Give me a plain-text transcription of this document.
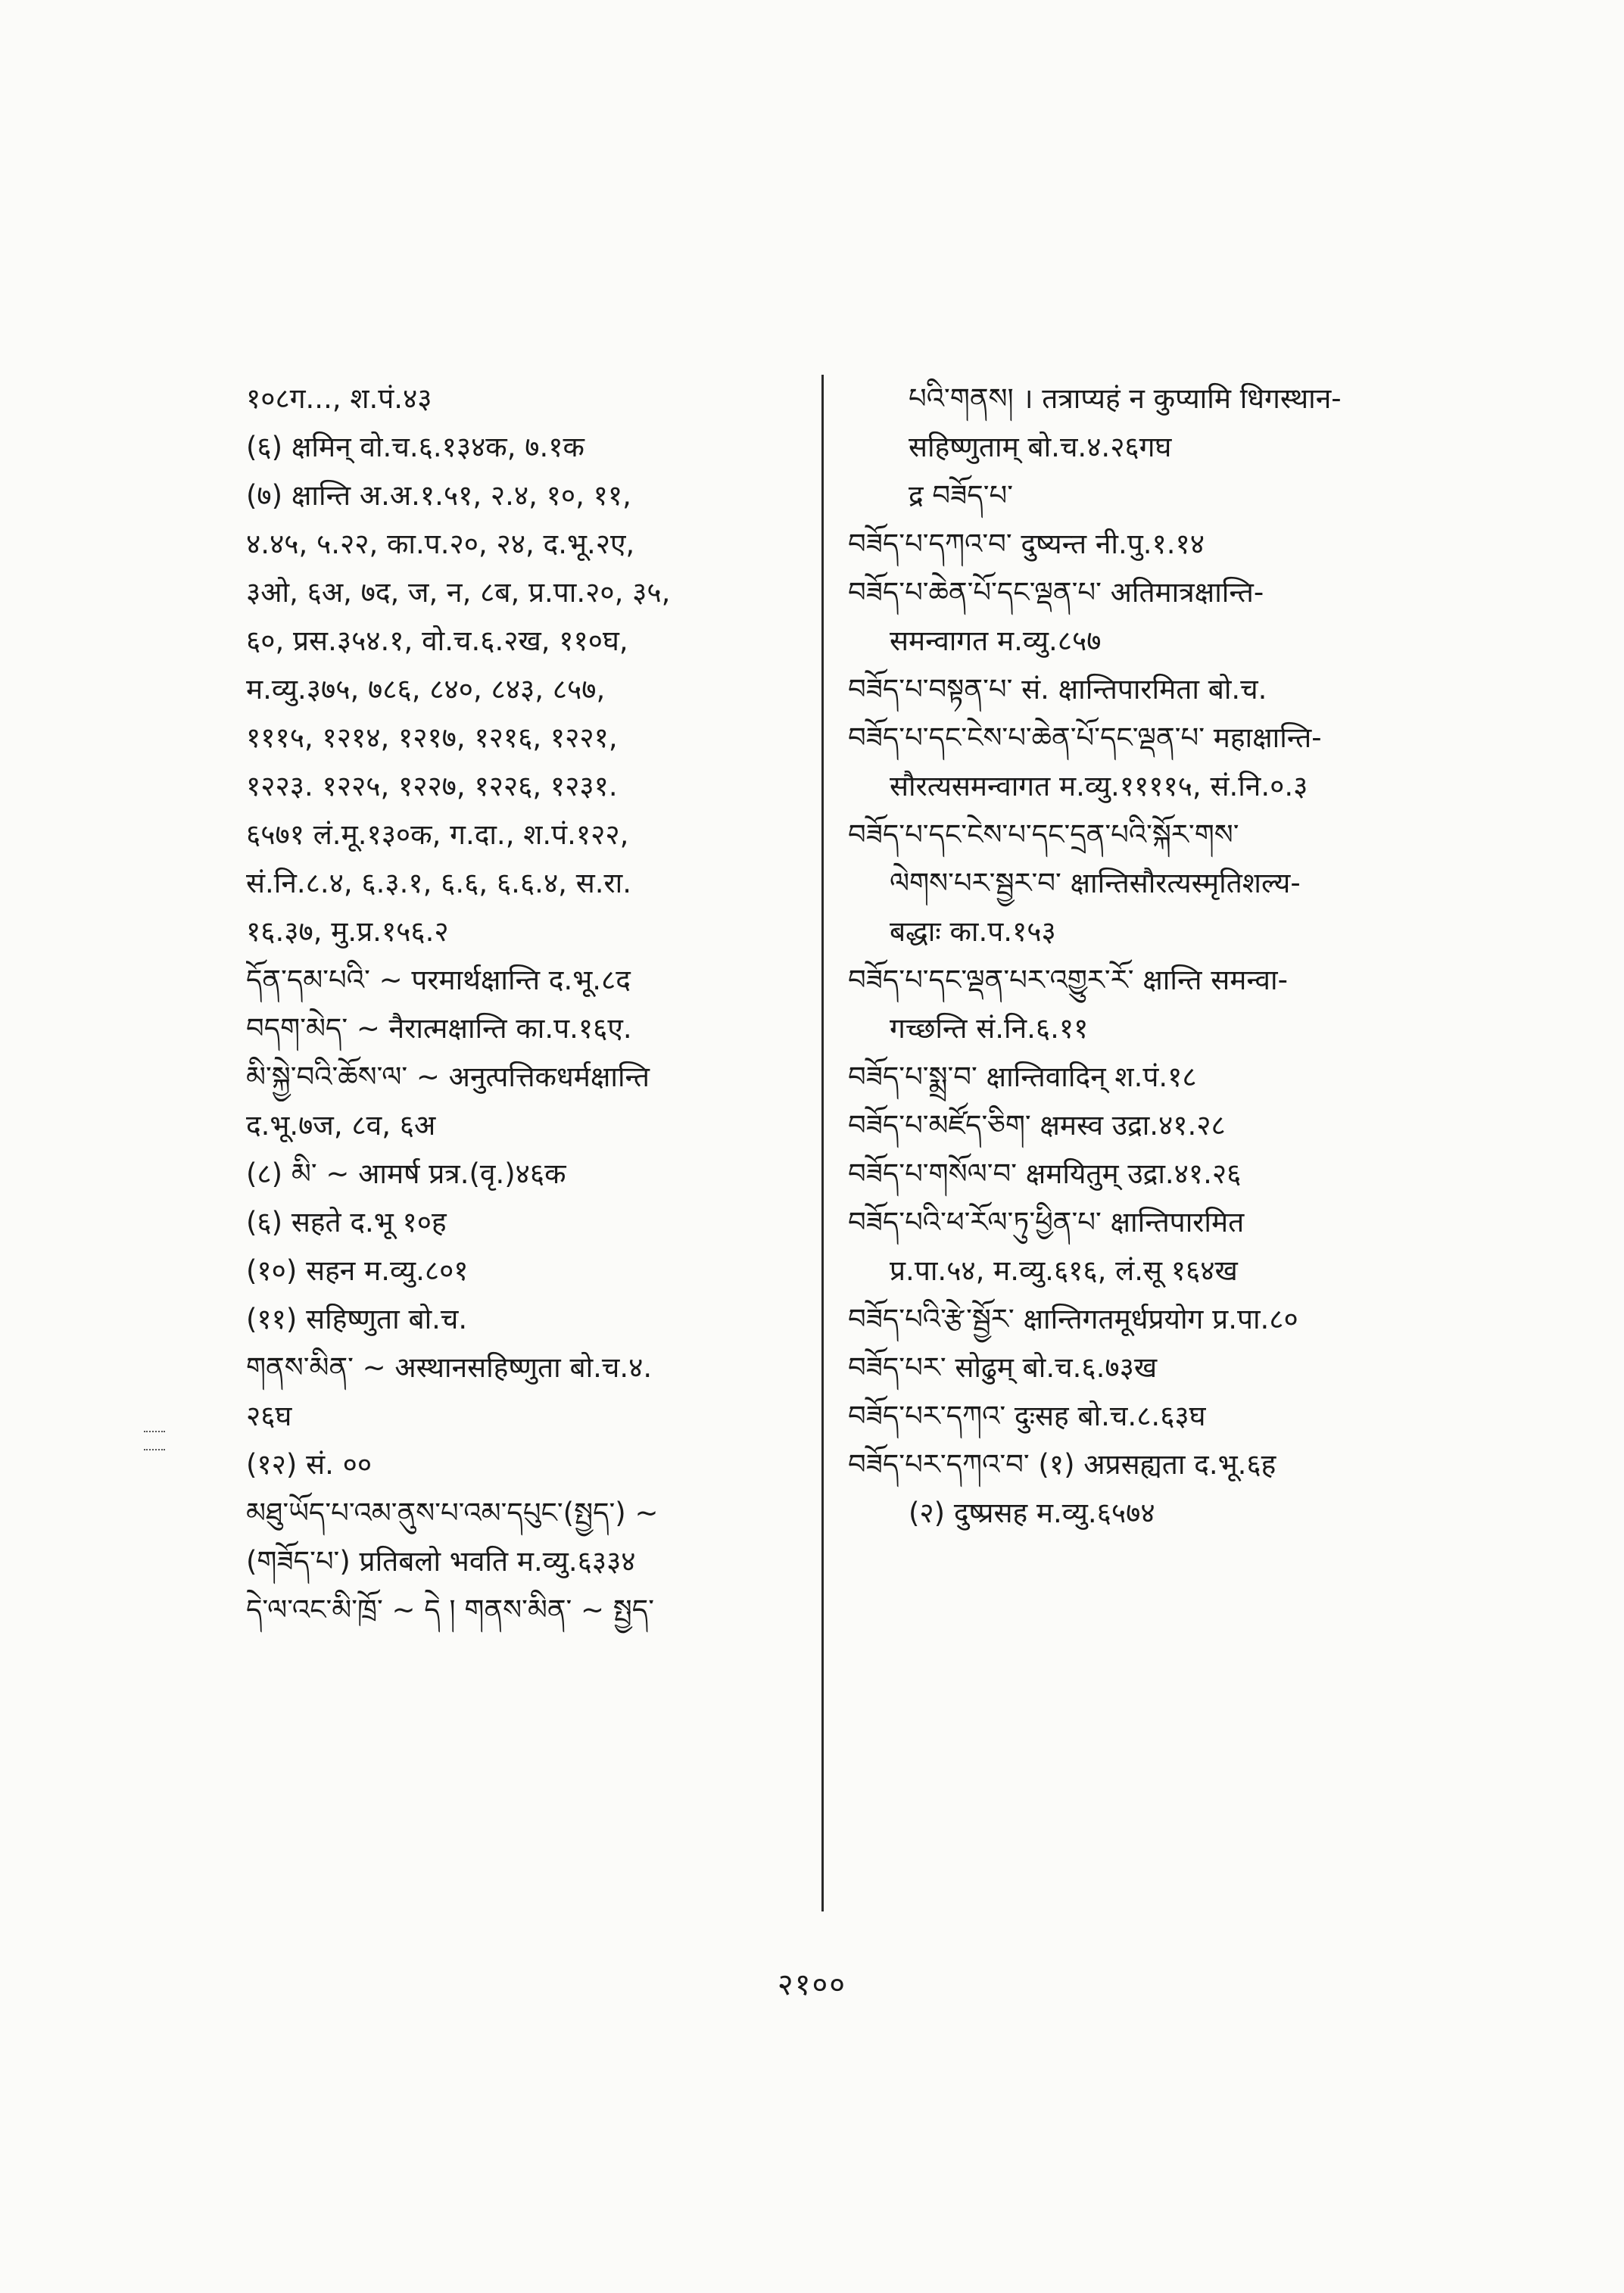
१०८ग..., श.पं.४३
(६) क्षमिन् वो.च.६.१३४क, ७.१क
(७) क्षान्ति अ.अ.१.५१, २.४, १०, ११,
४.४५, ५.२२, का.प.२०, २४, द.भू.२ए,
३ओ, ६अ, ७द, ज, न, ८ब, प्र.पा.२०, ३५,
६०, प्रस.३५४.१, वो.च.६.२ख, ११०घ,
म.व्यु.३७५, ७८६, ८४०, ८४३, ८५७,
१११५, १२१४, १२१७, १२१६, १२२१,
१२२३. १२२५, १२२७, १२२६, १२३१.
६५७१ लं.मू.१३०क, ग.दा., श.पं.१२२,
सं.नि.८.४, ६.३.१, ६.६, ६.६.४, स.रा.
१६.३७, मु.प्र.१५६.२
དོན་དམ་པའི་ ~ परमार्थक्षान्ति द.भू.८द
བདག་མེད་ ~ नैरात्मक्षान्ति का.प.१६ए.
མི་སྐྱེ་བའི་ཆོས་ལ་ ~ अनुत्पत्तिकधर्मक्षान्ति
द.भू.७ज, ८व, ६अ
(८) མི་ ~ आमर्ष प्रत्र.(वृ.)४६क
(६) सहते द.भू १०ह
(१०) सहन म.व्यु.८०१
(११) सहिष्णुता बो.च.
གནས་མིན་ ~ अस्थानसहिष्णुता बो.च.४.
२६घ
(१२) सं. ००
མཐུ་ཡོད་པ་འམ་ནུས་པ་འམ་དཔུང་(སྤྱད་) ~
(གཟོད་པ་) प्रतिबलो भवति म.व्यु.६३३४
དེ་ལ་འང་མི་ཁྲོ་ ~ དེ ། གནས་མིན་ ~ སྤྱད་
པའི་གནས། । तत्राप्यहं न कुप्यामि धिगस्थान-
सहिष्णुताम् बो.च.४.२६गघ
द्र བཟོད་པ་
བཟོད་པ་དཀའ་བ་ दुष्यन्त नी.पु.१.१४
བཟོད་པ་ཆེན་པོ་དང་ལྡན་པ་ अतिमात्रक्षान्ति-
समन्वागत म.व्यु.८५७
བཟོད་པ་བསྟན་པ་ सं. क्षान्तिपारमिता बो.च.
བཟོད་པ་དང་ངེས་པ་ཆེན་པོ་དང་ལྡན་པ་ महाक्षान्ति-
सौरत्यसमन्वागत म.व्यु.११११५, सं.नि.०.३
བཟོད་པ་དང་ངེས་པ་དང་དྲན་པའི་སྐོར་གས་
ལེགས་པར་སྦྱར་བ་ क्षान्तिसौरत्यस्मृतिशल्य-
बद्धाः का.प.१५३
བཟོད་པ་དང་ལྡན་པར་འགྱུར་རོ་ क्षान्ति समन्वा-
गच्छन्ति सं.नि.६.११
བཟོད་པ་སྨྲ་བ་ क्षान्तिवादिन् श.पं.१८
བཟོད་པ་མཛོད་ཅིག་ क्षमस्व उद्रा.४१.२८
བཟོད་པ་གསོལ་བ་ क्षमयितुम् उद्रा.४१.२६
བཟོད་པའི་ཕ་རོལ་ཏུ་ཕྱིན་པ་ क्षान्तिपारमित
प्र.पा.५४, म.व्यु.६१६, लं.सू १६४ख
བཟོད་པའི་རྩེ་སྦྱོར་ क्षान्तिगतमूर्धप्रयोग प्र.पा.८०
བཟོད་པར་ सोढुम् बो.च.६.७३ख
བཟོད་པར་དཀའ་ दुःसह बो.च.८.६३घ
བཟོད་པར་དཀའ་བ་ (१) अप्रसह्यता द.भू.६ह
(२) दुष्प्रसह म.व्यु.६५७४
२१००
